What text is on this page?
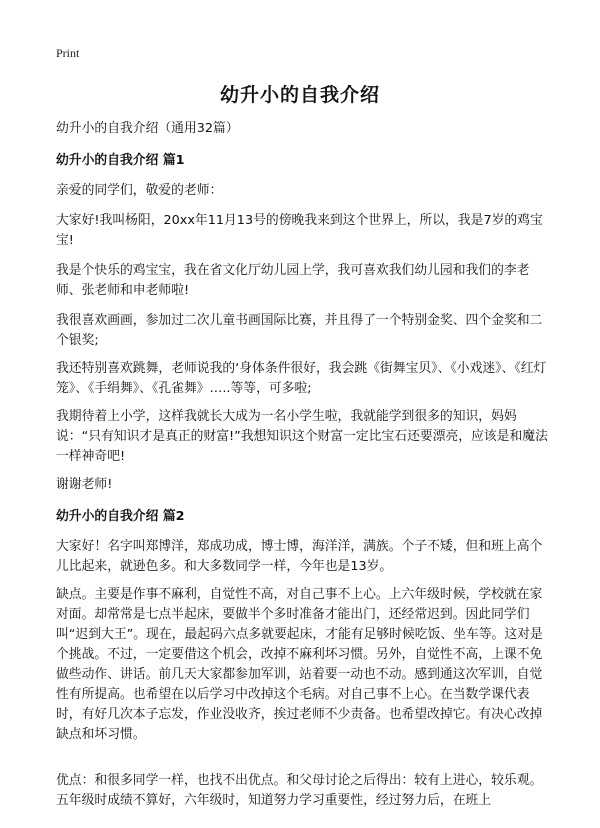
Print
幼升小的自我介绍

幼升小的自我介绍（通用32篇）

幼升小的自我介绍 篇1

亲爱的同学们，敬爱的老师：

大家好!我叫杨阳，20xx年11月13号的傍晚我来到这个世界上，所以，我是7岁的鸡宝宝!

我是个快乐的鸡宝宝，我在省文化厅幼儿园上学，我可喜欢我们幼儿园和我们的李老师、张老师和申老师啦!

我很喜欢画画，参加过二次儿童书画国际比赛，并且得了一个特别金奖、四个金奖和二个银奖;

我还特别喜欢跳舞，老师说我的‘身体条件很好，我会跳《街舞宝贝》、《小戏迷》、《红灯笼》、《手绢舞》、《孔雀舞》…..等等，可多啦;

我期待着上小学，这样我就长大成为一名小学生啦，我就能学到很多的知识，妈妈说：“只有知识才是真正的财富!”我想知识这个财富一定比宝石还要漂亮，应该是和魔法一样神奇吧!

谢谢老师!

幼升小的自我介绍 篇2

大家好！名字叫郑博洋，郑成功成，博士博，海洋洋，满族。个子不矮，但和班上高个儿比起来，就逊色多。和大多数同学一样，今年也是13岁。

缺点。主要是作事不麻利，自觉性不高，对自己事不上心。上六年级时候，学校就在家对面。却常常是七点半起床，要做半个多时准备才能出门，还经常迟到。因此同学们叫“迟到大王”。现在，最起码六点多就要起床，才能有足够时候吃饭、坐车等。这对是个挑战。不过，一定要借这个机会，改掉不麻利坏习惯。另外，自觉性不高，上课不免做些动作、讲话。前几天大家都参加军训，站着要一动也不动。感到通这次军训，自觉性有所提高。也希望在以后学习中改掉这个毛病。对自己事不上心。在当数学课代表时，有好几次本子忘发，作业没收齐，挨过老师不少责备。也希望改掉它。有决心改掉缺点和坏习惯。

优点：和很多同学一样，也找不出优点。和父母讨论之后得出：较有上进心，较乐观。五年级时成绩不算好，六年级时，知道努力学习重要性，经过努力后，在班上
